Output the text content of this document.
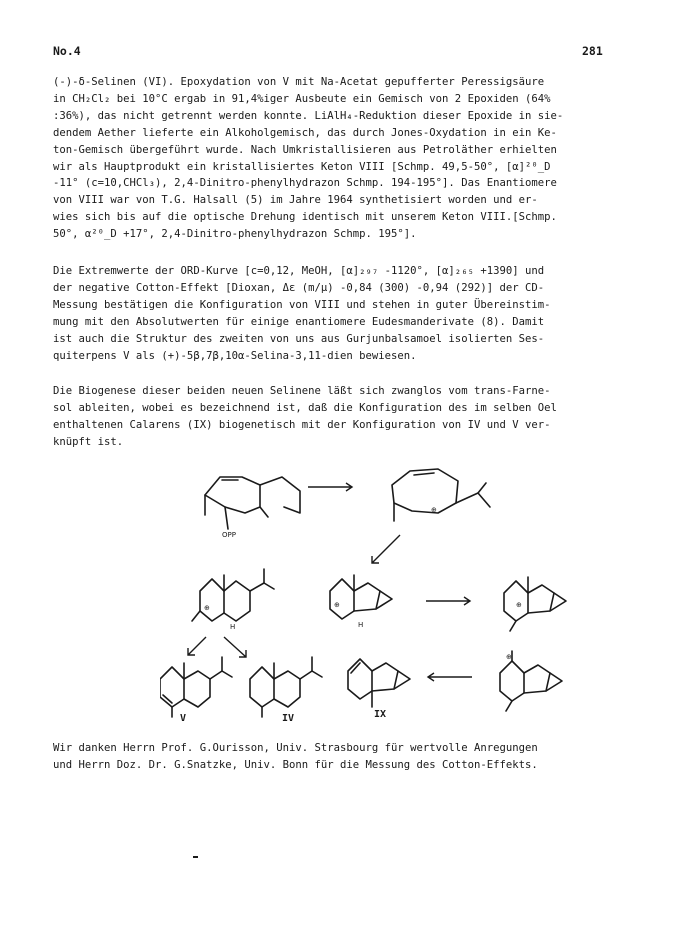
No.4	281
(-)-δ-Selinen (VI). Epoxydation von V mit Na-Acetat gepufferter Peressigsäure
in CH₂Cl₂ bei 10°C ergab in 91,4%iger Ausbeute ein Gemisch von 2 Epoxiden (64%
:36%), das nicht getrennt werden konnte. LiAlH₄-Reduktion dieser Epoxide in sie-
dendem Aether lieferte ein Alkoholgemisch, das durch Jones-Oxydation in ein Ke-
ton-Gemisch übergeführt wurde. Nach Umkristallisieren aus Petroläther erhielten
wir als Hauptprodukt ein kristallisiertes Keton VIII [Schmp. 49,5-50°, [α]²⁰_D
-11° (c=10,CHCl₃), 2,4-Dinitro-phenylhydrazon Schmp. 194-195°]. Das Enantiomere
von VIII war von T.G. Halsall (5) im Jahre 1964 synthetisiert worden und er-
wies sich bis auf die optische Drehung identisch mit unserem Keton VIII.[Schmp.
50°, α²⁰_D +17°, 2,4-Dinitro-phenylhydrazon Schmp. 195°].
Die Extremwerte der ORD-Kurve [c=0,12, MeOH, [α]₂₉₇ -1120°, [α]₂₆₅ +1390] und
der negative Cotton-Effekt [Dioxan, Δε (m/μ) -0,84 (300) -0,94 (292)] der CD-
Messung bestätigen die Konfiguration von VIII und stehen in guter Übereinstim-
mung mit den Absolutwerten für einige enantiomere Eudesmanderivate (8). Damit
ist auch die Struktur des zweiten von uns aus Gurjunbalsamoel isolierten Ses-
quiterpens V als (+)-5β,7β,10α-Selina-3,11-dien bewiesen.
Die Biogenese dieser beiden neuen Selinene läßt sich zwanglos vom trans-Farne-
sol ableiten, wobei es bezeichnend ist, daß die Konfiguration des im selben Oel
enthaltenen Calarens (IX) biogenetisch mit der Konfiguration von IV und V ver-
knüpft ist.
OPP
⊕
⊕
H
⊕
H
⊕
V	IV	IX
⊕
Wir danken Herrn Prof. G.Ourisson, Univ. Strasbourg für wertvolle Anregungen
und Herrn Doz. Dr. G.Snatzke, Univ. Bonn für die Messung des Cotton-Effekts.
